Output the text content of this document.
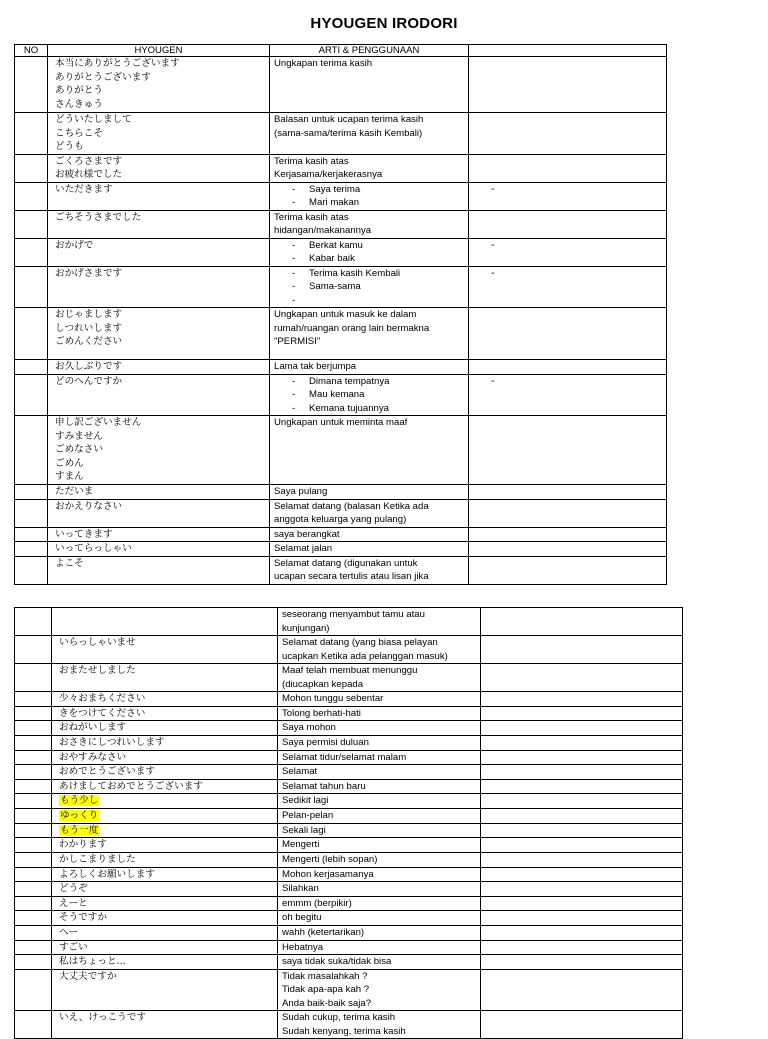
HYOUGEN IRODORI
NO	HYOUGEN	ARTI & PENGGUNAAN	

	本当にありがとうございます
ありがとうございます
ありがとう
さんきゅう	Ungkapan terima kasih	

	どういたしまして
こちらこそ
どうも	Balasan untuk ucapan terima kasih
(sama-sama/terima kasih Kembali)	

	ごくろさまです
お疲れ様でした	Terima kasih atas
Kerjasama/kerjakerasnya	

	いただきます	- Saya terima
- Mari makan	-

	ごちそうさまでした	Terima kasih atas
hidangan/makanannya	

	おかげで	- Berkat kamu
- Kabar baik	-

	おかげさまです	- Terima kasih Kembali
- Sama-sama
-	-

	おじゃまします
しつれいします
ごめんください	Ungkapan untuk masuk ke dalam
rumah/ruangan orang lain bermakna
"PERMISI"	

	お久しぶりです	Lama tak berjumpa	

	どのへんですか	- Dimana tempatnya
- Mau kemana
- Kemana tujuannya	-

	申し訳ございません
すみません
ごめなさい
ごめん
すまん	Ungkapan untuk meminta maaf	

	ただいま	Saya pulang	

	おかえりなさい	Selamat datang (balasan Ketika ada
anggota keluarga yang pulang)	

	いってきます	saya berangkat	

	いってらっしゃい	Selamat jalan	

	よこそ	Selamat datang (digunakan untuk
ucapan secara tertulis atau lisan jika	

		seseorang menyambut tamu atau
kunjungan)	

	いらっしゃいませ	Selamat datang (yang biasa pelayan
ucapkan Ketika ada pelanggan masuk)	

	おまたせしました	Maaf telah membuat menunggu
(diucapkan kepada	

	少々おまちください	Mohon tunggu sebentar	

	きをつけてください	Tolong berhati-hati	

	おねがいします	Saya mohon	

	おさきにしつれいします	Saya permisi duluan	

	おやすみなさい	Selamat tidur/selamat malam	

	おめでとうございます	Selamat	

	あけましておめでとうございます	Selamat tahun baru	

	もう少し	Sedikit lagi	

	ゆっくり	Pelan-pelan	

	もう一度	Sekali lagi	

	わかります	Mengerti	

	かしこまりました	Mengerti (lebih sopan)	

	よろしくお願いします	Mohon kerjasamanya	

	どうぞ	Silahkan	

	えーと	emmm (berpikir)	

	そうですか	oh begitu	

	へー	wahh (ketertarikan)	

	すごい	Hebatnya	

	私はちょっと...	saya tidak suka/tidak bisa	

	大丈夫ですか	Tidak masalahkah ?
Tidak apa-apa kah ?
Anda baik-baik saja?	

	いえ、けっこうです	Sudah cukup, terima kasih
Sudah kenyang, terima kasih	
